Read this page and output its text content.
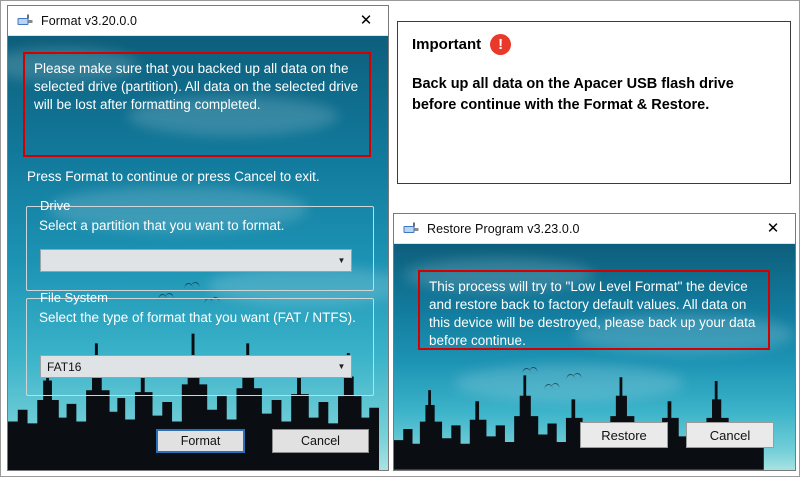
Format v3.20.0.0	✕
Please make sure that you backed up all data on the selected drive (partition). All data on the selected drive will be lost after formatting completed.
Press Format to continue or press Cancel to exit.
Drive
Select a partition that you want to format.
▼
File System
Select the type of format that you want (FAT / NTFS).
FAT16	▼
Format	Cancel
Important	!
Back up all data on the Apacer USB flash drive before continue with the Format & Restore.
Restore Program v3.23.0.0	✕
This process will try to "Low Level Format" the device and restore back to factory default values. All data on this device will be destroyed, please back up your data before continue.
Restore	Cancel
